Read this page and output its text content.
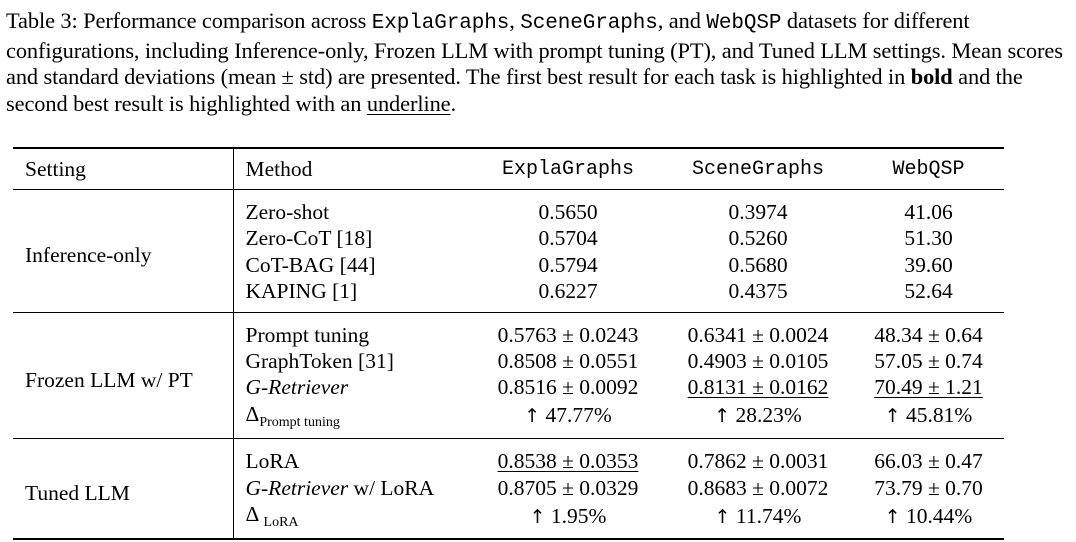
Table 3: Performance comparison across ExplaGraphs, SceneGraphs, and WebQSP datasets for different configurations, including Inference-only, Frozen LLM with prompt tuning (PT), and Tuned LLM settings. Mean scores and standard deviations (mean ± std) are presented. The first best result for each task is highlighted in bold and the second best result is highlighted with an underline.
Setting	Method	ExplaGraphs	SceneGraphs	WebQSP
Inference-only	Zero-shot	0.5650	0.3974	41.06
	Zero-CoT [18]	0.5704	0.5260	51.30
	CoT-BAG [44]	0.5794	0.5680	39.60
	KAPING [1]	0.6227	0.4375	52.64
Frozen LLM w/ PT	Prompt tuning	0.5763 ± 0.0243	0.6341 ± 0.0024	48.34 ± 0.64
	GraphToken [31]	0.8508 ± 0.0551	0.4903 ± 0.0105	57.05 ± 0.74
	G-Retriever	0.8516 ± 0.0092	0.8131 ± 0.0162	70.49 ± 1.21
	$\Delta_{Prompt tuning}$	↑ 47.77%	↑ 28.23%	↑ 45.81%
Tuned LLM	LoRA	0.8538 ± 0.0353	0.7862 ± 0.0031	66.03 ± 0.47
	G-Retriever w/ LoRA	0.8705 ± 0.0329	0.8683 ± 0.0072	73.79 ± 0.70
	Δ $_{LoRA}$	↑ 1.95%	↑ 11.74%	↑ 10.44%
